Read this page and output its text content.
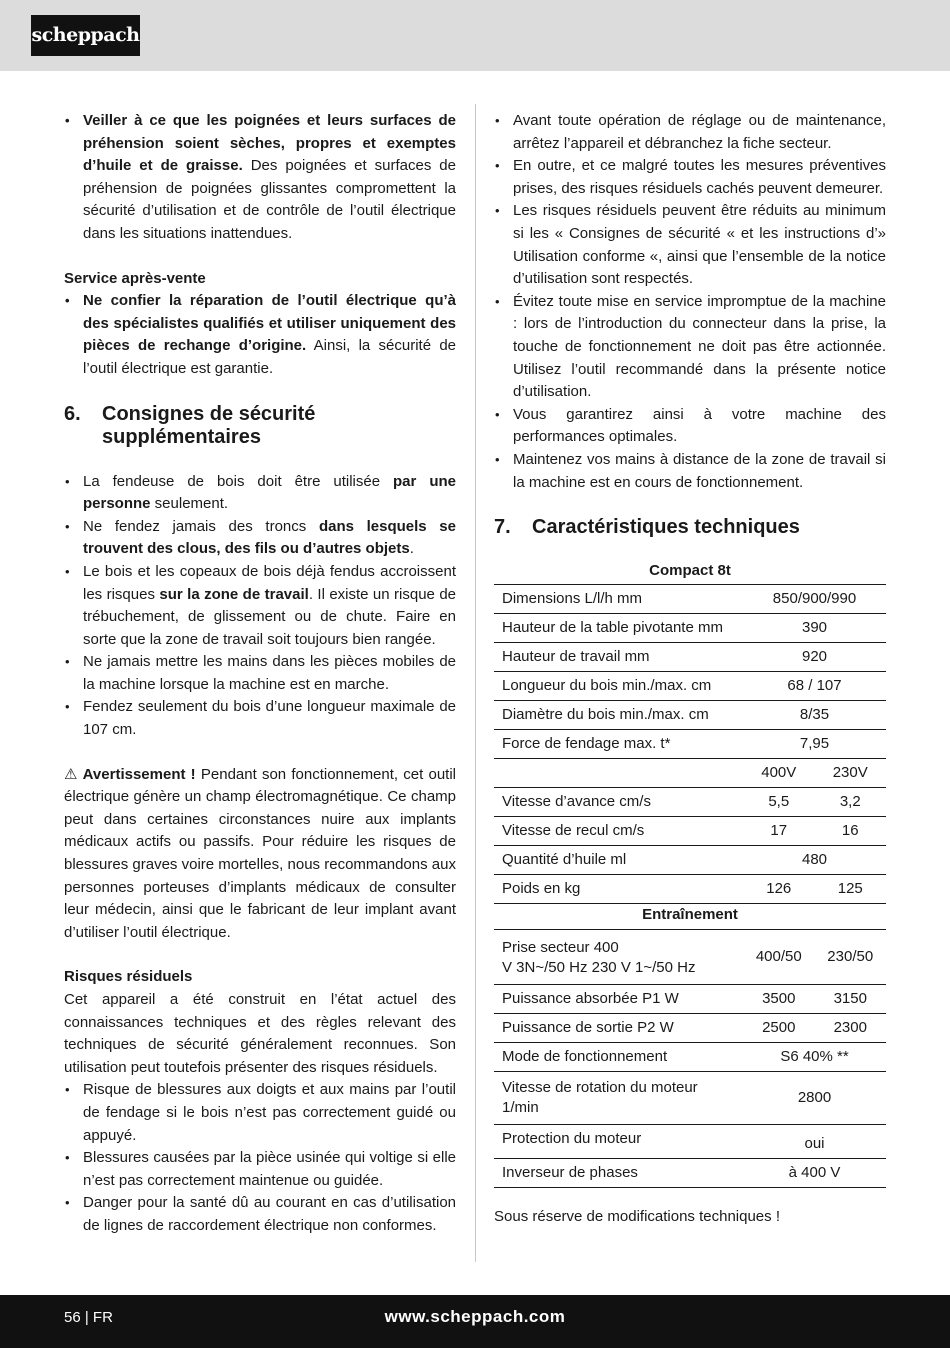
scheppach
• Veiller à ce que les poignées et leurs surfaces de préhension soient sèches, propres et exemptes d’huile et de graisse. Des poignées et surfaces de préhension de poignées glissantes compromettent la sécurité d’utilisation et de contrôle de l’outil électrique dans les situations inattendues.

Service après-vente

• Ne confier la réparation de l’outil électrique qu’à des spécialistes qualifiés et utiliser uniquement des pièces de rechange d’origine. Ainsi, la sécurité de l’outil électrique est garantie.
6.	Consignes de sécurité supplémentaires
• La fendeuse de bois doit être utilisée par une personne seulement.
• Ne fendez jamais des troncs dans lesquels se trouvent des clous, des fils ou d’autres objets.
• Le bois et les copeaux de bois déjà fendus accroissent les risques sur la zone de travail. Il existe un risque de trébuchement, de glissement ou de chute. Faire en sorte que la zone de travail soit toujours bien rangée.
• Ne jamais mettre les mains dans les pièces mobiles de la machine lorsque la machine est en marche.
• Fendez seulement du bois d’une longueur maximale de 107 cm.

⚠ Avertissement ! Pendant son fonctionnement, cet outil électrique génère un champ électromagnétique. Ce champ peut dans certaines circonstances nuire aux implants médicaux actifs ou passifs. Pour réduire les risques de blessures graves voire mortelles, nous recommandons aux personnes porteuses d’implants médicaux de consulter leur médecin, ainsi que le fabricant de leur implant avant d’utiliser l’outil électrique.

Risques résiduels

Cet appareil a été construit en l’état actuel des connaissances techniques et des règles relevant des techniques de sécurité généralement reconnues. Son utilisation peut toutefois présenter des risques résiduels.

• Risque de blessures aux doigts et aux mains par l’outil de fendage si le bois n’est pas correctement guidé ou appuyé.
• Blessures causées par la pièce usinée qui voltige si elle n’est pas correctement maintenue ou guidée.
• Danger pour la santé dû au courant en cas d’utilisation de lignes de raccordement électrique non conformes.
• Avant toute opération de réglage ou de maintenance, arrêtez l’appareil et débranchez la fiche secteur.
• En outre, et ce malgré toutes les mesures préventives prises, des risques résiduels cachés peuvent demeurer.
• Les risques résiduels peuvent être réduits au minimum si les « Consignes de sécurité « et les instructions d’» Utilisation conforme «, ainsi que l’ensemble de la notice d’utilisation sont respectés.
• Évitez toute mise en service impromptue de la machine : lors de l’introduction du connecteur dans la prise, la touche de fonctionnement ne doit pas être actionnée. Utilisez l’outil recommandé dans la présente notice d’utilisation.
• Vous garantirez ainsi à votre machine des performances optimales.
• Maintenez vos mains à distance de la zone de travail si la machine est en cours de fonctionnement.
7.	Caractéristiques techniques
Compact 8t		
Dimensions L/l/h mm	850/900/990	
Hauteur de la table pivotante mm	390	
Hauteur de travail mm	920	
Longueur du bois min./max. cm	68 / 107	
Diamètre du bois min./max. cm	8/35	
Force de fendage max. t*	7,95	
	400V	230V
Vitesse d’avance cm/s	5,5	3,2
Vitesse de recul cm/s	17	16
Quantité d’huile ml	480	
Poids en kg	126	125
Entraînement		
Prise secteur 400
V 3N~/50 Hz 230 V 1~/50 Hz	400/50	230/50
Puissance absorbée P1 W	3500	3150
Puissance de sortie P2 W	2500	2300
Mode de fonctionnement	S6 40% **	
Vitesse de rotation du moteur 1/min	2800	
Protection du moteur	oui	
Inverseur de phases	à 400 V	

Sous réserve de modifications techniques !

56 | FR	www.scheppach.com
